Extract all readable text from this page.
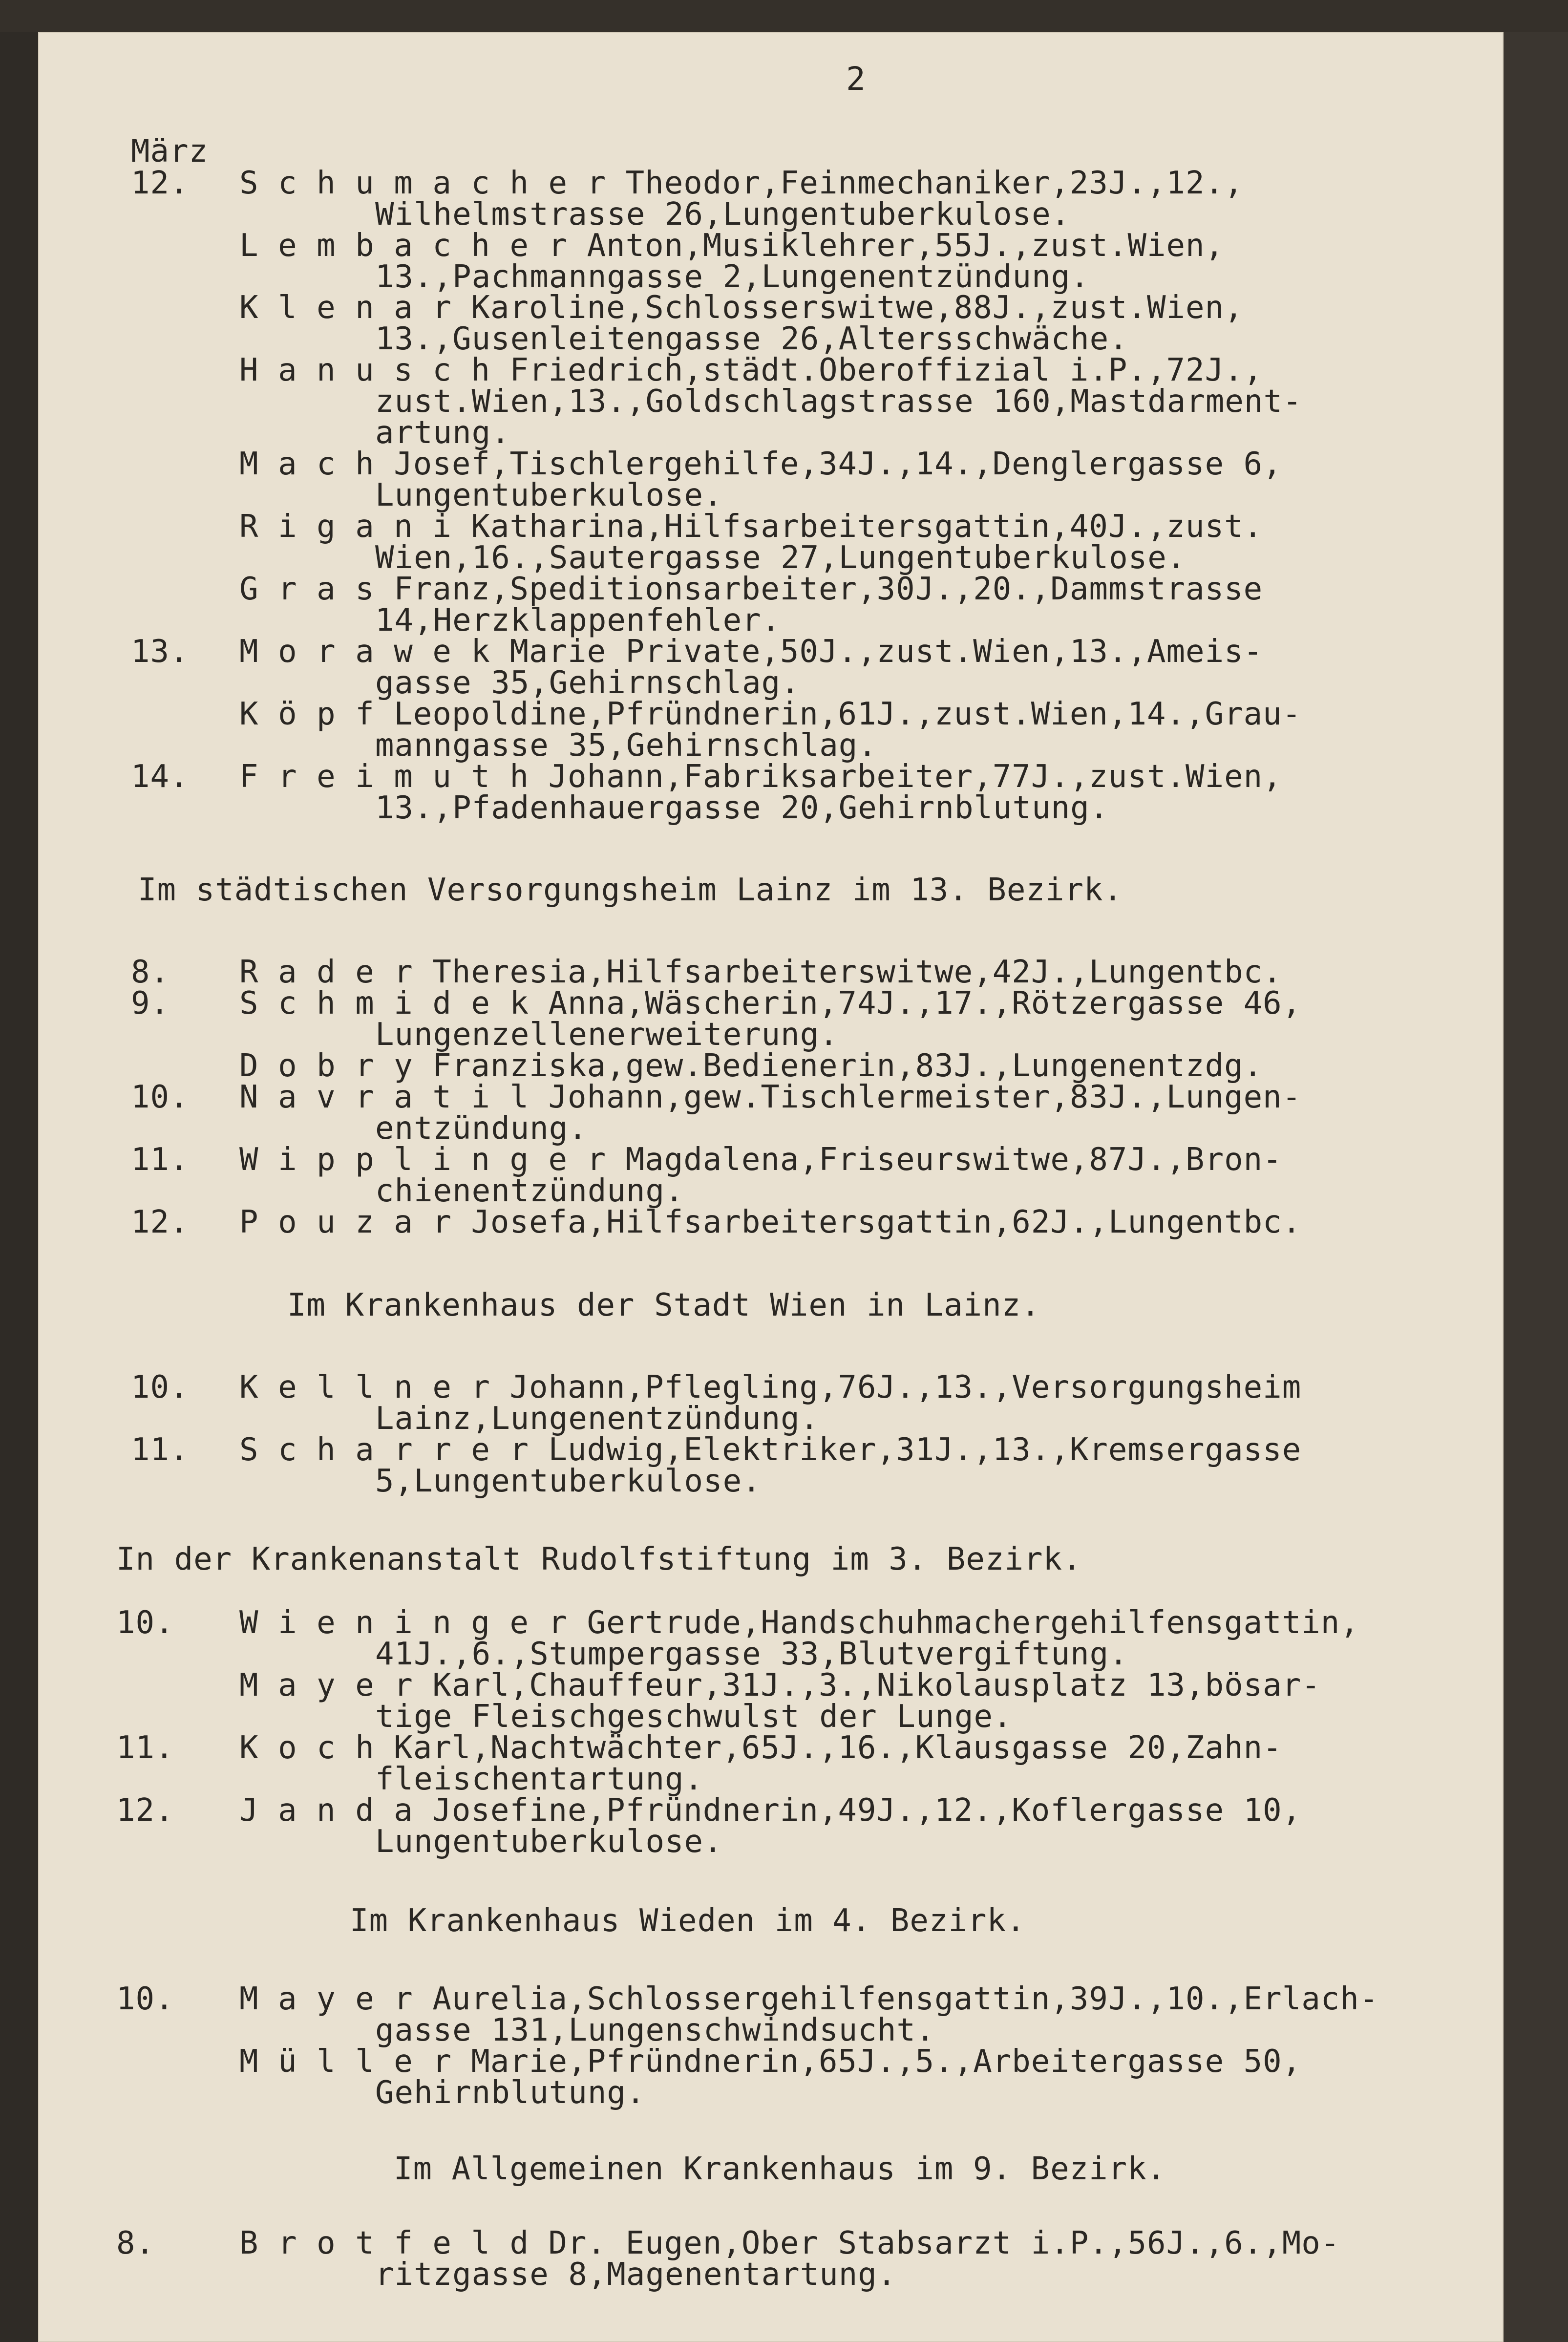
2
März
12. S c h u m a c h e r Theodor,Feinmechaniker,23J.,12.,
Wilhelmstrasse 26,Lungentuberkulose.
L e m b a c h e r Anton,Musiklehrer,55J.,zust.Wien,
13.,Pachmanngasse 2,Lungenentzündung.
K l e n a r Karoline,Schlosserswitwe,88J.,zust.Wien,
13.,Gusenleitengasse 26,Altersschwäche.
H a n u s c h Friedrich,städt.Oberoffizial i.P.,72J.,
zust.Wien,13.,Goldschlagstrasse 160,Mastdarment-
artung.
M a c h Josef,Tischlergehilfe,34J.,14.,Denglergasse 6,
Lungentuberkulose.
R i g a n i Katharina,Hilfsarbeitersgattin,40J.,zust.
Wien,16.,Sautergasse 27,Lungentuberkulose.
G r a s Franz,Speditionsarbeiter,30J.,20.,Dammstrasse
14,Herzklappenfehler.
13. M o r a w e k Marie Private,50J.,zust.Wien,13.,Ameis-
gasse 35,Gehirnschlag.
K ö p f Leopoldine,Pfründnerin,61J.,zust.Wien,14.,Grau-
manngasse 35,Gehirnschlag.
14. F r e i m u t h Johann,Fabriksarbeiter,77J.,zust.Wien,
13.,Pfadenhauergasse 20,Gehirnblutung.
Im städtischen Versorgungsheim Lainz im 13. Bezirk.
8. R a d e r Theresia,Hilfsarbeiterswitwe,42J.,Lungentbc.
9. S c h m i d e k Anna,Wäscherin,74J.,17.,Rötzergasse 46,
Lungenzellenerweiterung.
D o b r y Franziska,gew.Bedienerin,83J.,Lungenentzdg.
10. N a v r a t i l Johann,gew.Tischlermeister,83J.,Lungen-
entzündung.
11. W i p p l i n g e r Magdalena,Friseurswitwe,87J.,Bron-
chienentzündung.
12. P o u z a r Josefa,Hilfsarbeitersgattin,62J.,Lungentbc.
Im Krankenhaus der Stadt Wien in Lainz.
10. K e l l n e r Johann,Pflegling,76J.,13.,Versorgungsheim
Lainz,Lungenentzündung.
11. S c h a r r e r Ludwig,Elektriker,31J.,13.,Kremsergasse
5,Lungentuberkulose.
In der Krankenanstalt Rudolfstiftung im 3. Bezirk.
10. W i e n i n g e r Gertrude,Handschuhmachergehilfensgattin,
41J.,6.,Stumpergasse 33,Blutvergiftung.
M a y e r Karl,Chauffeur,31J.,3.,Nikolausplatz 13,bösar-
tige Fleischgeschwulst der Lunge.
11. K o c h Karl,Nachtwächter,65J.,16.,Klausgasse 20,Zahn-
fleischentartung.
12. J a n d a Josefine,Pfründnerin,49J.,12.,Koflergasse 10,
Lungentuberkulose.
Im Krankenhaus Wieden im 4. Bezirk.
10. M a y e r Aurelia,Schlossergehilfensgattin,39J.,10.,Erlach-
gasse 131,Lungenschwindsucht.
M ü l l e r Marie,Pfründnerin,65J.,5.,Arbeitergasse 50,
Gehirnblutung.
Im Allgemeinen Krankenhaus im 9. Bezirk.
8.	B r o t f e l d Dr. Eugen,Ober Stabsarzt i.P.,56J.,6.,Mo-
ritzgasse 8,Magenentartung.
